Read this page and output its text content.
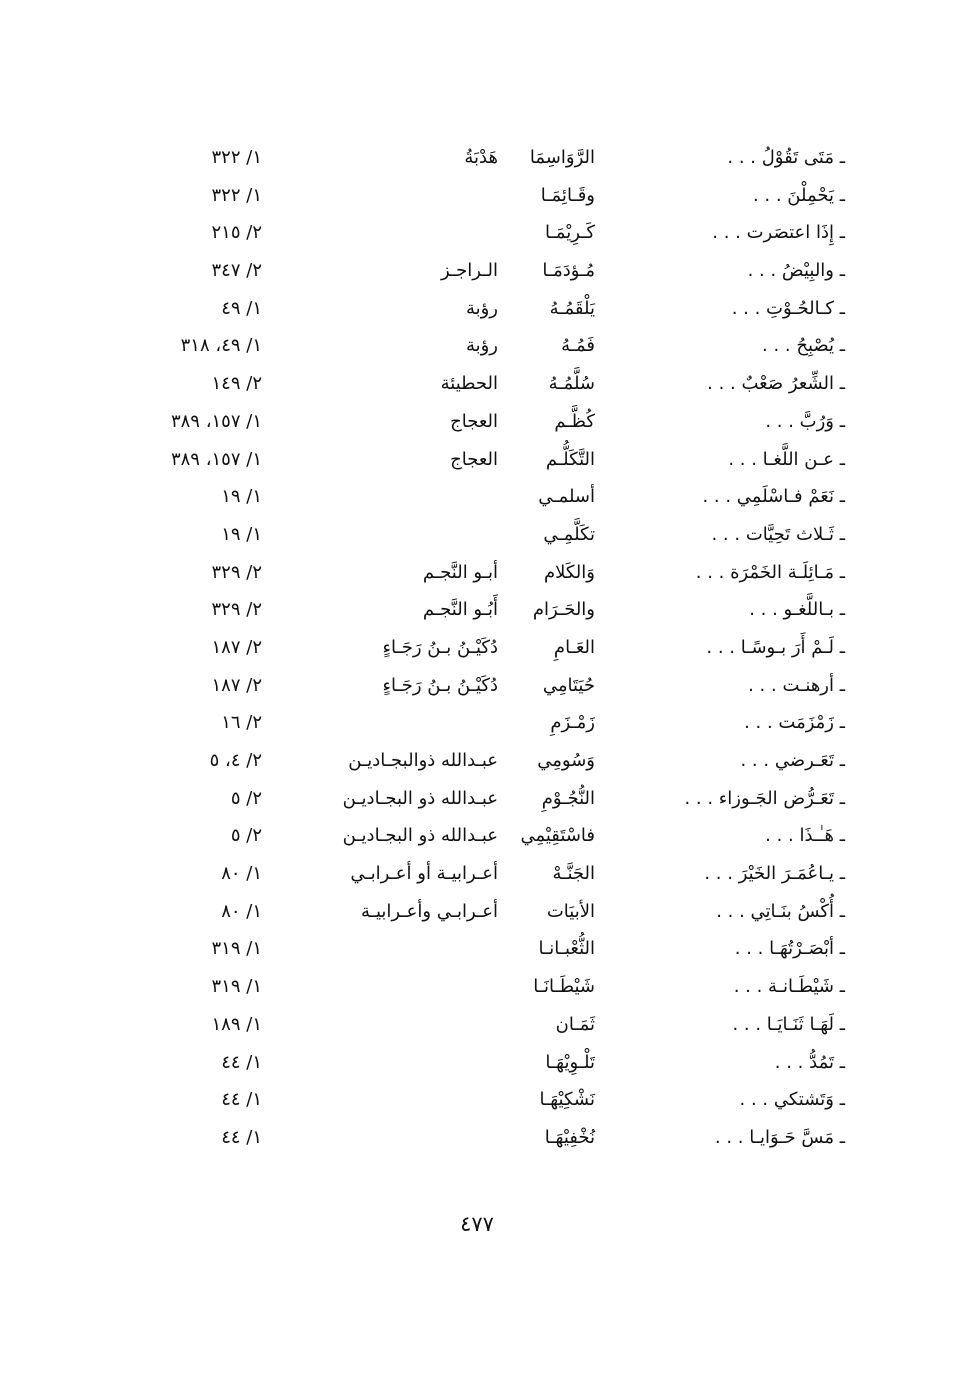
ـ مَتَى تَقُوْلُ . . .
الرَّوَاسِمَا
هَدْبَةُ
١/ ٣٢٢
ـ يَحْمِلْنَ . . .
وقَـائِمَـا
١/ ٣٢٢
ـ إِذَا اعتصَرت . . .
كَـرِيْمَـا
٢/ ٢١٥
ـ والبِيْضُ . . .
مُـؤدَمَـا
الـراجـز
٢/ ٣٤٧
ـ كـالحُـوْتِ . . .
يَلْقَمُـهُ
رؤبة
١/ ٤٩
ـ يُصْبِحُ . . .
فَمُـهُ
رؤبة
١/ ٤٩، ٣١٨
ـ الشِّعرُ صَعْبٌ . . .
سُلَّمُـهُ
الحطيئة
٢/ ١٤٩
ـ وَرُبَّ . . .
كُظَّـم
العجاج
١/ ١٥٧، ٣٨٩
ـ عـن اللَّغـا . . .
التَّكَلُّـم
العجاج
١/ ١٥٧، ٣٨٩
ـ نَعَمْ فـاسْلَمِي . . .
أسلمـي
١/ ١٩
ـ ثَـلاث تَحِيَّات . . .
تكَلَّمِـي
١/ ١٩
ـ مَـائِلَـة الخَمْرَة . . .
وَالكَلام
أبـو النَّجـم
٢/ ٣٢٩
ـ بـاللَّغـو . . .
والحَـرَام
أَبُـو النَّجـم
٢/ ٣٢٩
ـ لَـمْ أَرَ بـوسًـا . . .
العَـامِ
دُكَيْـنُ بـنُ رَجَـاءٍ
٢/ ١٨٧
ـ أرهنـت . . .
حُيَتَامِي
دُكَيْـنُ بـنُ رَجَـاءٍ
٢/ ١٨٧
ـ زَمْزَمَت . . .
زَمْـزَمِ
٢/ ١٦
ـ تَعَـرضي . . .
وَسُومِي
عبـدالله ذوالبجـاديـن
٢/ ٤، ٥
ـ تَعَـرُّض الجَـوزاء . . .
النُّجُـوْمِ
عبـدالله ذو البجـاديـن
٢/ ٥
ـ هَـٰـذَا . . .
فاسْتَقِيْمِي
عبـدالله ذو البجـاديـن
٢/ ٥
ـ يـاعُمَـرَ الخَيْرَ . . .
الجَنَّـهْ
أعـرابيـة أو أعـرابـي
١/ ٨٠
ـ أُكْسُ بنَـاتِي . . .
الأبيَات
أعـرابـي وأعـرابيـة
١/ ٨٠
ـ أبْصَـرْتُهَـا . . .
الثُّعْبـانـا
١/ ٣١٩
ـ شَيْطَـانـة . . .
شَيْطَـانَـا
١/ ٣١٩
ـ لَهَـا ثَنَـايَـا . . .
ثَمَـان
١/ ١٨٩
ـ تَمُدُّ . . .
تَلْـوِيْهَـا
١/ ٤٤
ـ وَتَشتكي . . .
نَشْكِيْهَـا
١/ ٤٤
ـ مَسَّ حَـوَايـا . . .
نُخْفِيْهَـا
١/ ٤٤
٤٧٧
